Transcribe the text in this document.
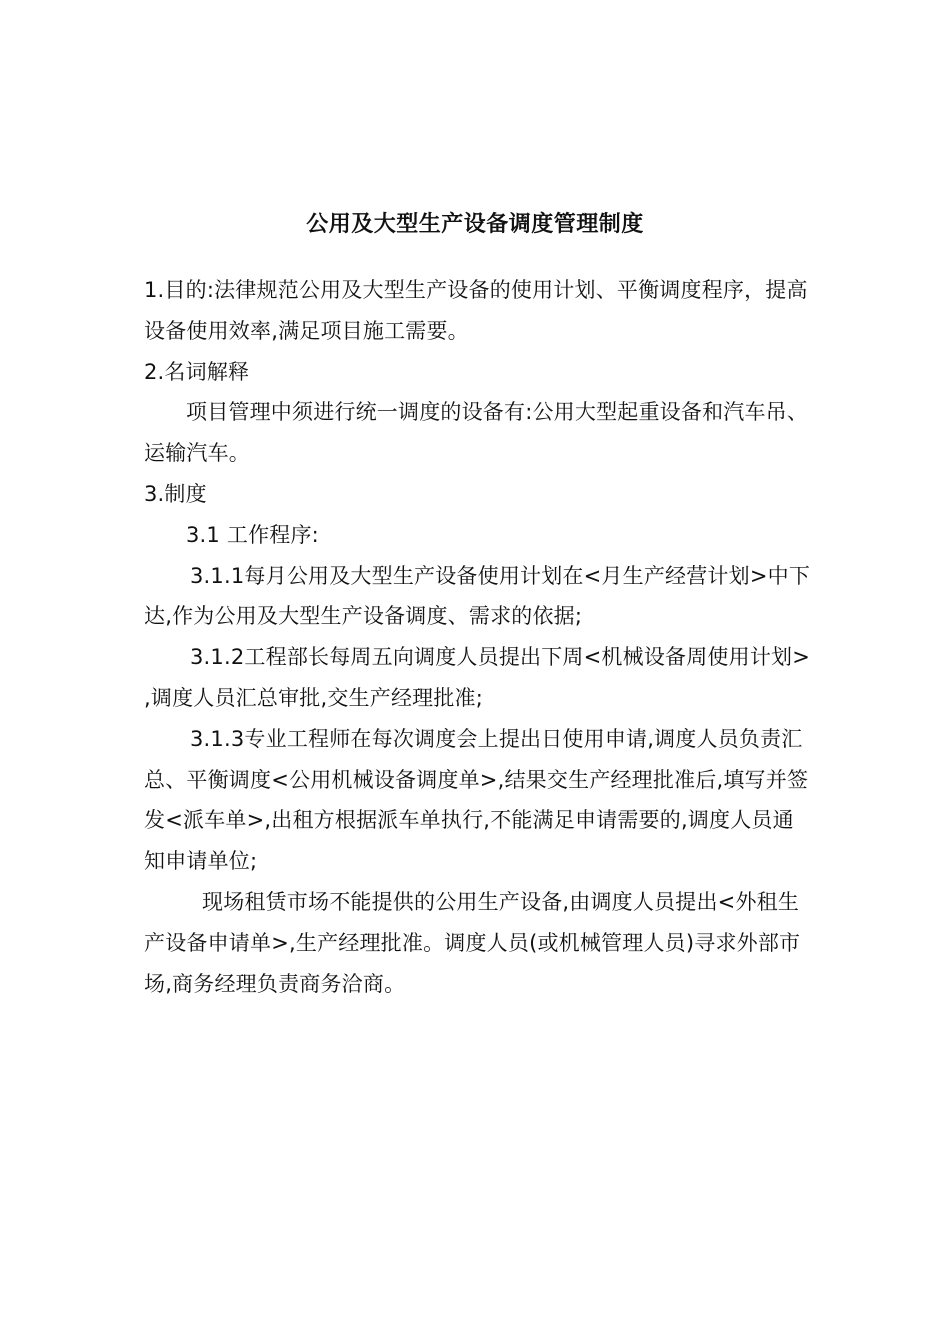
公用及大型生产设备调度管理制度

1.目的:法律规范公用及大型生产设备的使用计划、平衡调度程序，提高设备使用效率,满足项目施工需要。

2.名词解释

项目管理中须进行统一调度的设备有:公用大型起重设备和汽车吊、运输汽车。

3.制度

3.1 工作程序:

3.1.1每月公用及大型生产设备使用计划在<月生产经营计划>中下达,作为公用及大型生产设备调度、需求的依据;

3.1.2工程部长每周五向调度人员提出下周<机械设备周使用计划> ,调度人员汇总审批,交生产经理批准;

3.1.3专业工程师在每次调度会上提出日使用申请,调度人员负责汇总、平衡调度<公用机械设备调度单>,结果交生产经理批准后,填写并签发<派车单>,出租方根据派车单执行,不能满足申请需要的,调度人员通知申请单位;

现场租赁市场不能提供的公用生产设备,由调度人员提出<外租生产设备申请单>,生产经理批准。调度人员(或机械管理人员)寻求外部市场,商务经理负责商务洽商。
